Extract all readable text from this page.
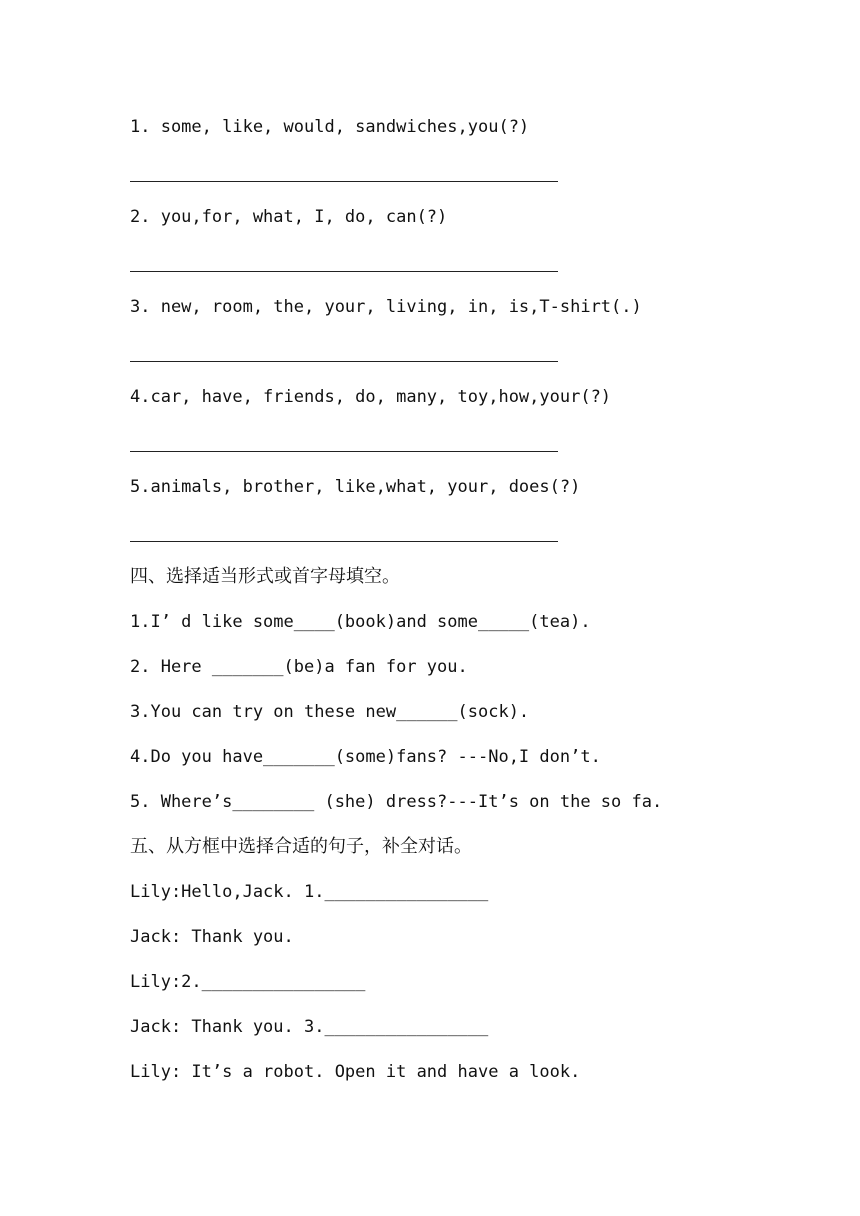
1. some, like, would, sandwiches,you(?)
2. you,for, what, I, do, can(?)
3. new, room, the, your, living, in, is,T-shirt(.)
4.car, have, friends, do, many, toy,how,your(?)
5.animals, brother, like,what, your, does(?)
四、选择适当形式或首字母填空。
1.I’ d like some____(book)and some_____(tea).
2. Here _______(be)a fan for you.
3.You can try on these new______(sock).
4.Do you have_______(some)fans? ---No,I don’t.
5. Where’s________ (she) dress?---It’s on the so fa.
五、从方框中选择合适的句子，补全对话。
Lily:Hello,Jack. 1.________________
Jack: Thank you.
Lily:2.________________
Jack: Thank you. 3.________________
Lily: It’s a robot. Open it and have a look.
